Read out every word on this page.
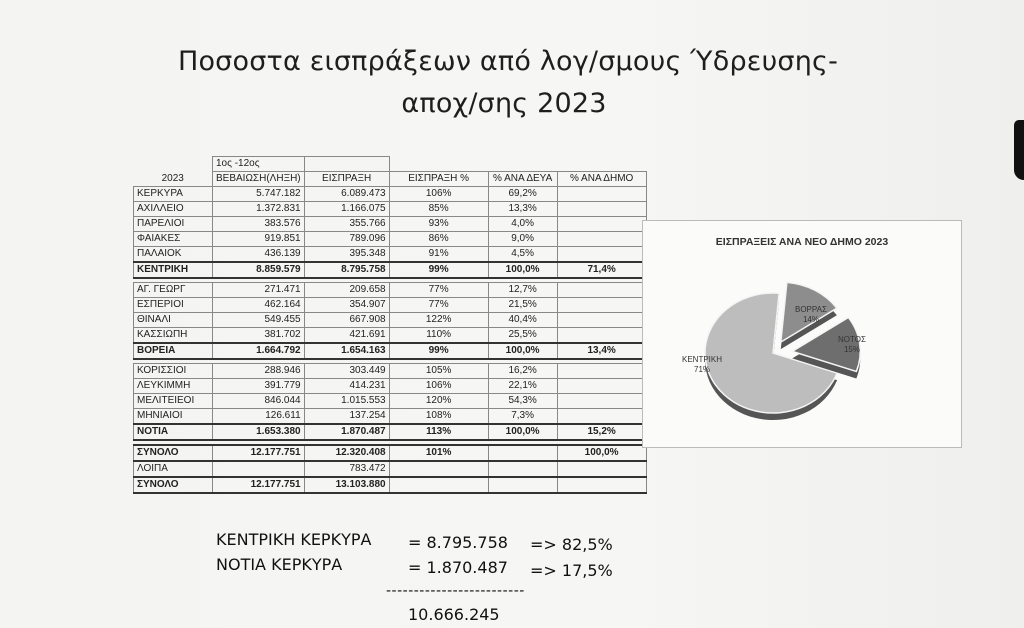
Ποσοστα εισπράξεων από λογ/σμους Ύδρευσης-
αποχ/σης 2023
	1ος -12ος				
2023	ΒΕΒΑΙΩΣΗ(ΛΗΞΗ)	ΕΙΣΠΡΑΞΗ	ΕΙΣΠΡΑΞΗ %	% ΑΝΑ ΔΕΥΑ	% ΑΝΑ ΔΗΜΟ
ΚΕΡΚΥΡΑ	5.747.182	6.089.473	106%	69,2%	
ΑΧΙΛΛΕΙΟ	1.372.831	1.166.075	85%	13,3%	
ΠΑΡΕΛΙΟΙ	383.576	355.766	93%	4,0%	
ΦΑΙΑΚΕΣ	919.851	789.096	86%	9,0%	
ΠΑΛΑΙΟΚ	436.139	395.348	91%	4,5%	
ΚΕΝΤΡΙΚΗ	8.859.579	8.795.758	99%	100,0%	71,4%

ΑΓ. ΓΕΩΡΓ	271.471	209.658	77%	12,7%	
ΕΣΠΕΡΙΟΙ	462.164	354.907	77%	21,5%	
ΘΙΝΑΛΙ	549.455	667.908	122%	40,4%	
ΚΑΣΣΙΩΠΗ	381.702	421.691	110%	25,5%	
ΒΟΡΕΙΑ	1.664.792	1.654.163	99%	100,0%	13,4%

ΚΟΡΙΣΣΙΟΙ	288.946	303.449	105%	16,2%	
ΛΕΥΚΙΜΜΗ	391.779	414.231	106%	22,1%	
ΜΕΛΙΤΕΙΕΟΙ	846.044	1.015.553	120%	54,3%	
ΜΗΝΙΑΙΟΙ	126.611	137.254	108%	7,3%	
ΝΟΤΙΑ	1.653.380	1.870.487	113%	100,0%	15,2%

ΣΥΝΟΛΟ	12.177.751	12.320.408	101%		100,0%
ΛΟΙΠΑ		783.472			
ΣΥΝΟΛΟ	12.177.751	13.103.880			
ΕΙΣΠΡΑΞΕΙΣ ΑΝΑ ΝΕΟ ΔΗΜΟ 2023
ΒΟΡΡΑΣ
14%
ΝΟΤΟΣ
15%
ΚΕΝΤΡΙΚΗ
71%
ΚΕΝΤΡΙΚΗ ΚΕΡΚΥΡΑ = 8.795.758 => 82,5%
ΝΟΤΙΑ ΚΕΡΚΥΡΑ	= 1.870.487 => 17,5%
-------------------------
10.666.245
